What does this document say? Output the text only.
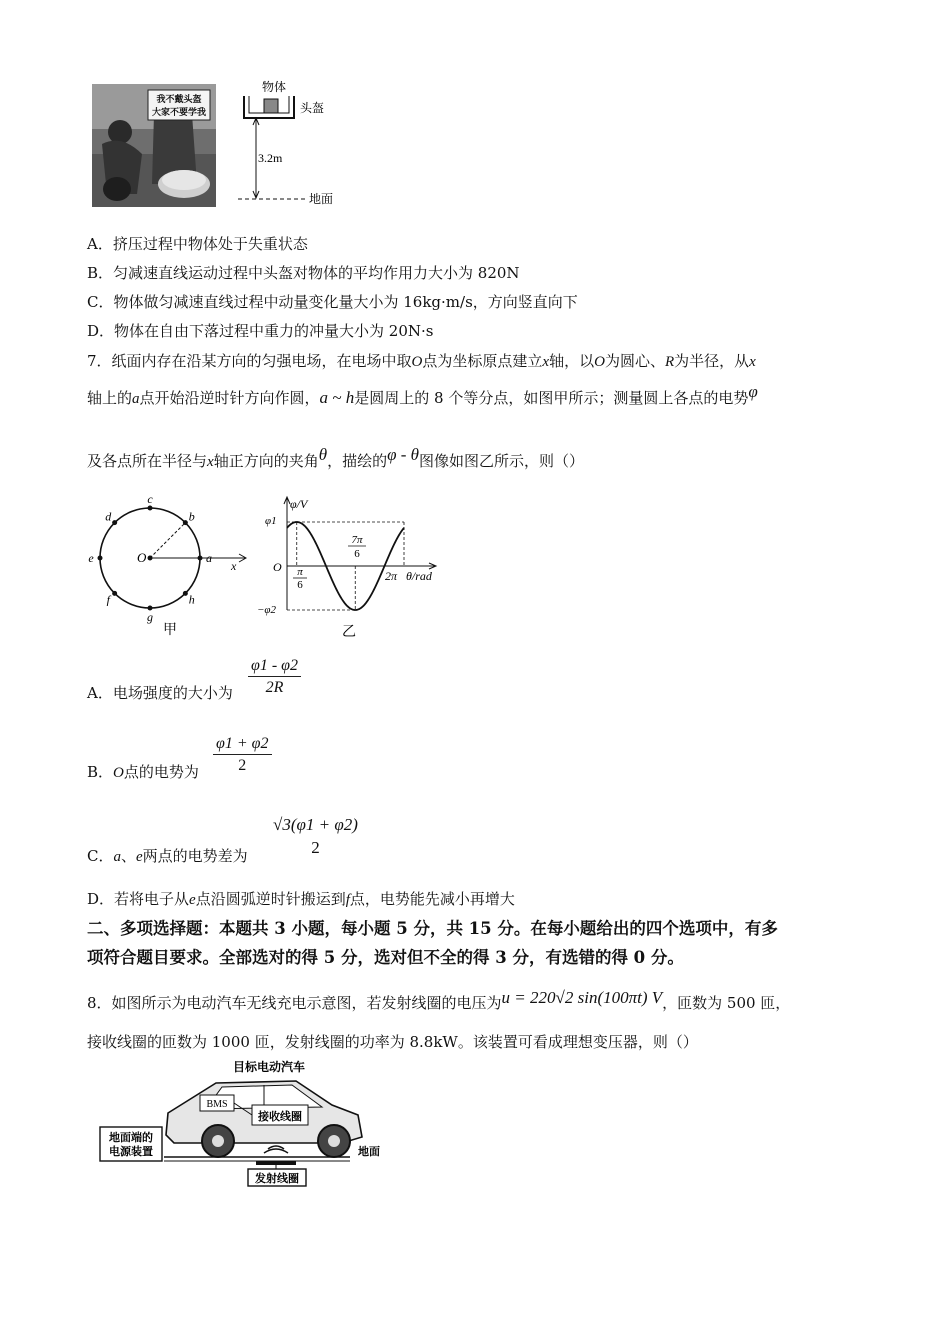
我不戴头盔
大家不要学我
物体
头盔
3.2m
地面
A．挤压过程中物体处于失重状态
B．匀减速直线运动过程中头盔对物体的平均作用力大小为 820N
C．物体做匀减速直线过程中动量变化量大小为 16kg·m/s，方向竖直向下
D．物体在自由下落过程中重力的冲量大小为 20N·s
7．纸面内存在沿某方向的匀强电场，在电场中取O点为坐标原点建立x轴，以O为圆心、R为半径，从x
轴上的a点开始沿逆时针方向作圆，a ~ h是圆周上的 8 个等分点，如图甲所示；测量圆上各点的电势φ
及各点所在半径与x轴正方向的夹角θ，描绘的φ - θ图像如图乙所示，则（）
O
x
a
b
c
d
e
f
g
h
甲
φ/V
θ/rad
φ1
O
−φ2
π
6
7π
6
2π
乙
A．电场强度的大小为 $\frac{\varphi 1 - \varphi 2}{2R}$
B．O点的电势为 $\frac{\varphi 1 + \varphi 2}{2}$
C．a、e两点的电势差为
√3(φ1 + φ2)
2
D．若将电子从e点沿圆弧逆时针搬运到f点，电势能先减小再增大
二、多项选择题：本题共 3 小题，每小题 5 分，共 15 分。在每小题给出的四个选项中，有多
项符合题目要求。全部选对的得 5 分，选对但不全的得 3 分，有选错的得 0 分。
8．如图所示为电动汽车无线充电示意图，若发射线圈的电压为u = 220√2 sin(100πt) V，匝数为 500 匝，
接收线圈的匝数为 1000 匝，发射线圈的功率为 8.8kW。该装置可看成理想变压器，则（）
目标电动汽车
BMS
接收线圈
地面端的
电源装置	地面
发射线圈
